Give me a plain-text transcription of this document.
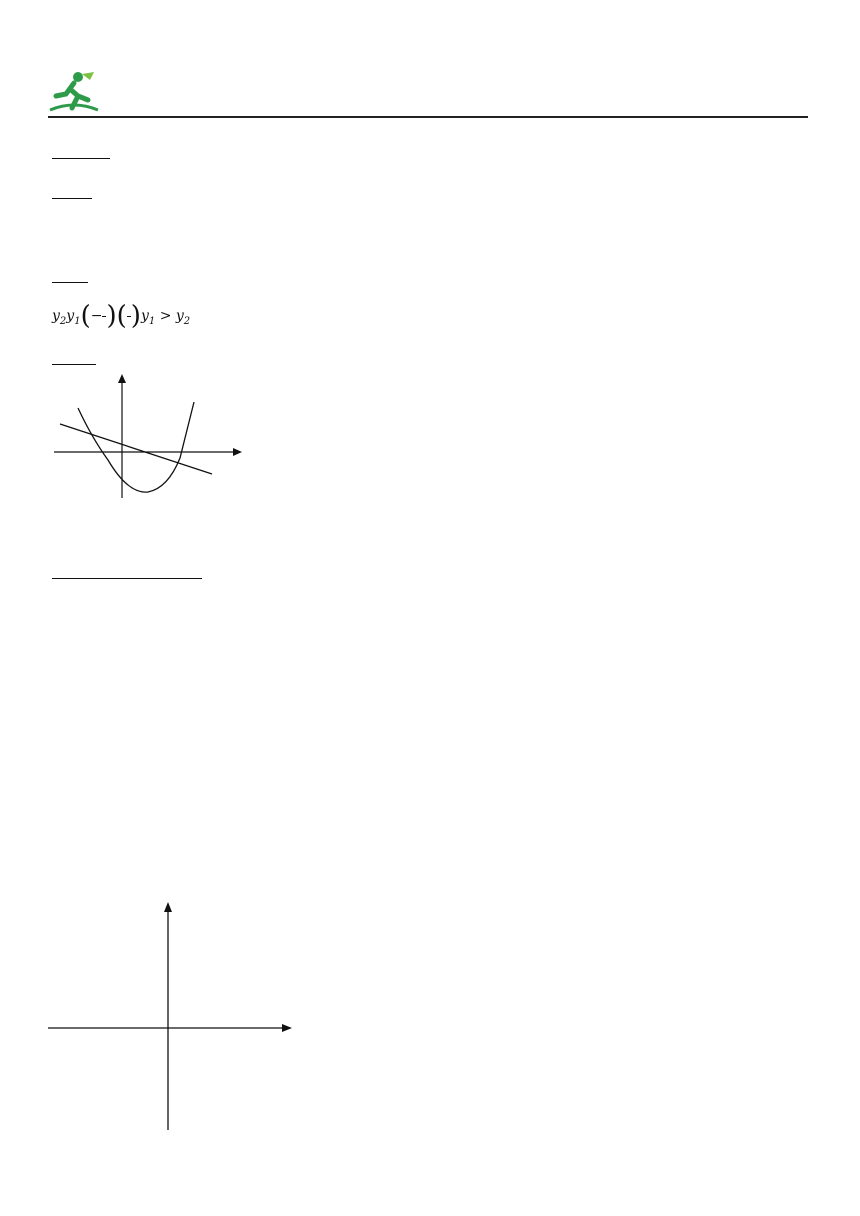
$y_2y_1(-$ )( )$y_1 > y_2$
